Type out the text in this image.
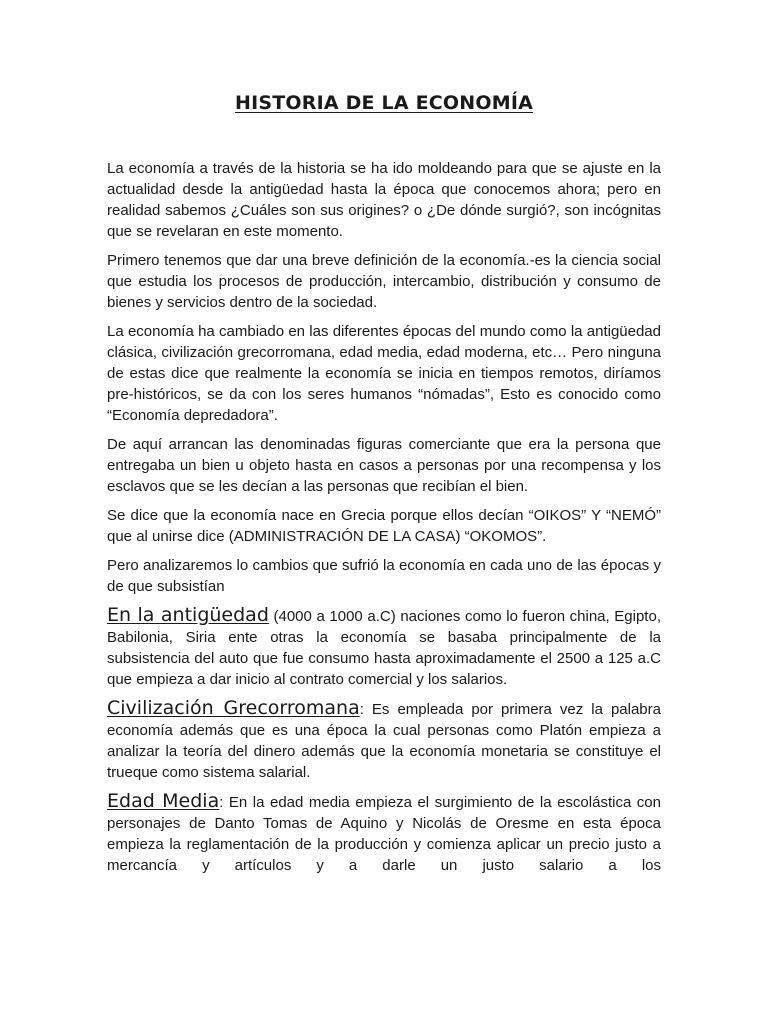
HISTORIA DE LA ECONOMÍA

La economía a través de la historia se ha ido moldeando para que se ajuste en la actualidad desde la antigüedad hasta la época que conocemos ahora; pero en realidad sabemos ¿Cuáles son sus origines? o ¿De dónde surgió?, son incógnitas que se revelaran en este momento.

Primero tenemos que dar una breve definición de la economía.-es la ciencia social que estudia los procesos de producción, intercambio, distribución y consumo de bienes y servicios dentro de la sociedad.

La economía ha cambiado en las diferentes épocas del mundo como la antigüedad clásica, civilización grecorromana, edad media, edad moderna, etc… Pero ninguna de estas dice que realmente la economía se inicia en tiempos remotos, diríamos pre-históricos, se da con los seres humanos “nómadas”, Esto es conocido como “Economía depredadora”.

De aquí arrancan las denominadas figuras comerciante que era la persona que entregaba un bien u objeto hasta en casos a personas por una recompensa y los esclavos que se les decían a las personas que recibían el bien.

Se dice que la economía nace en Grecia porque ellos decían “OIKOS” Y “NEMÓ” que al unirse dice (ADMINISTRACIÓN DE LA CASA) “OKOMOS”.

Pero analizaremos lo cambios que sufrió la economía en cada uno de las épocas y de que subsistían

En la antigüedad (4000 a 1000 a.C) naciones como lo fueron china, Egipto, Babilonia, Siria ente otras la economía se basaba principalmente de la subsistencia del auto que fue consumo hasta aproximadamente el 2500 a 125 a.C que empieza a dar inicio al contrato comercial y los salarios.

Civilización Grecorromana: Es empleada por primera vez la palabra economía además que es una época la cual personas como Platón empieza a analizar la teoría del dinero además que la economía monetaria se constituye el trueque como sistema salarial.

Edad Media: En la edad media empieza el surgimiento de la escolástica con personajes de Danto Tomas de Aquino y Nicolás de Oresme en esta época empieza la reglamentación de la producción y comienza aplicar un precio justo a mercancía y artículos y a darle un justo salario a los
